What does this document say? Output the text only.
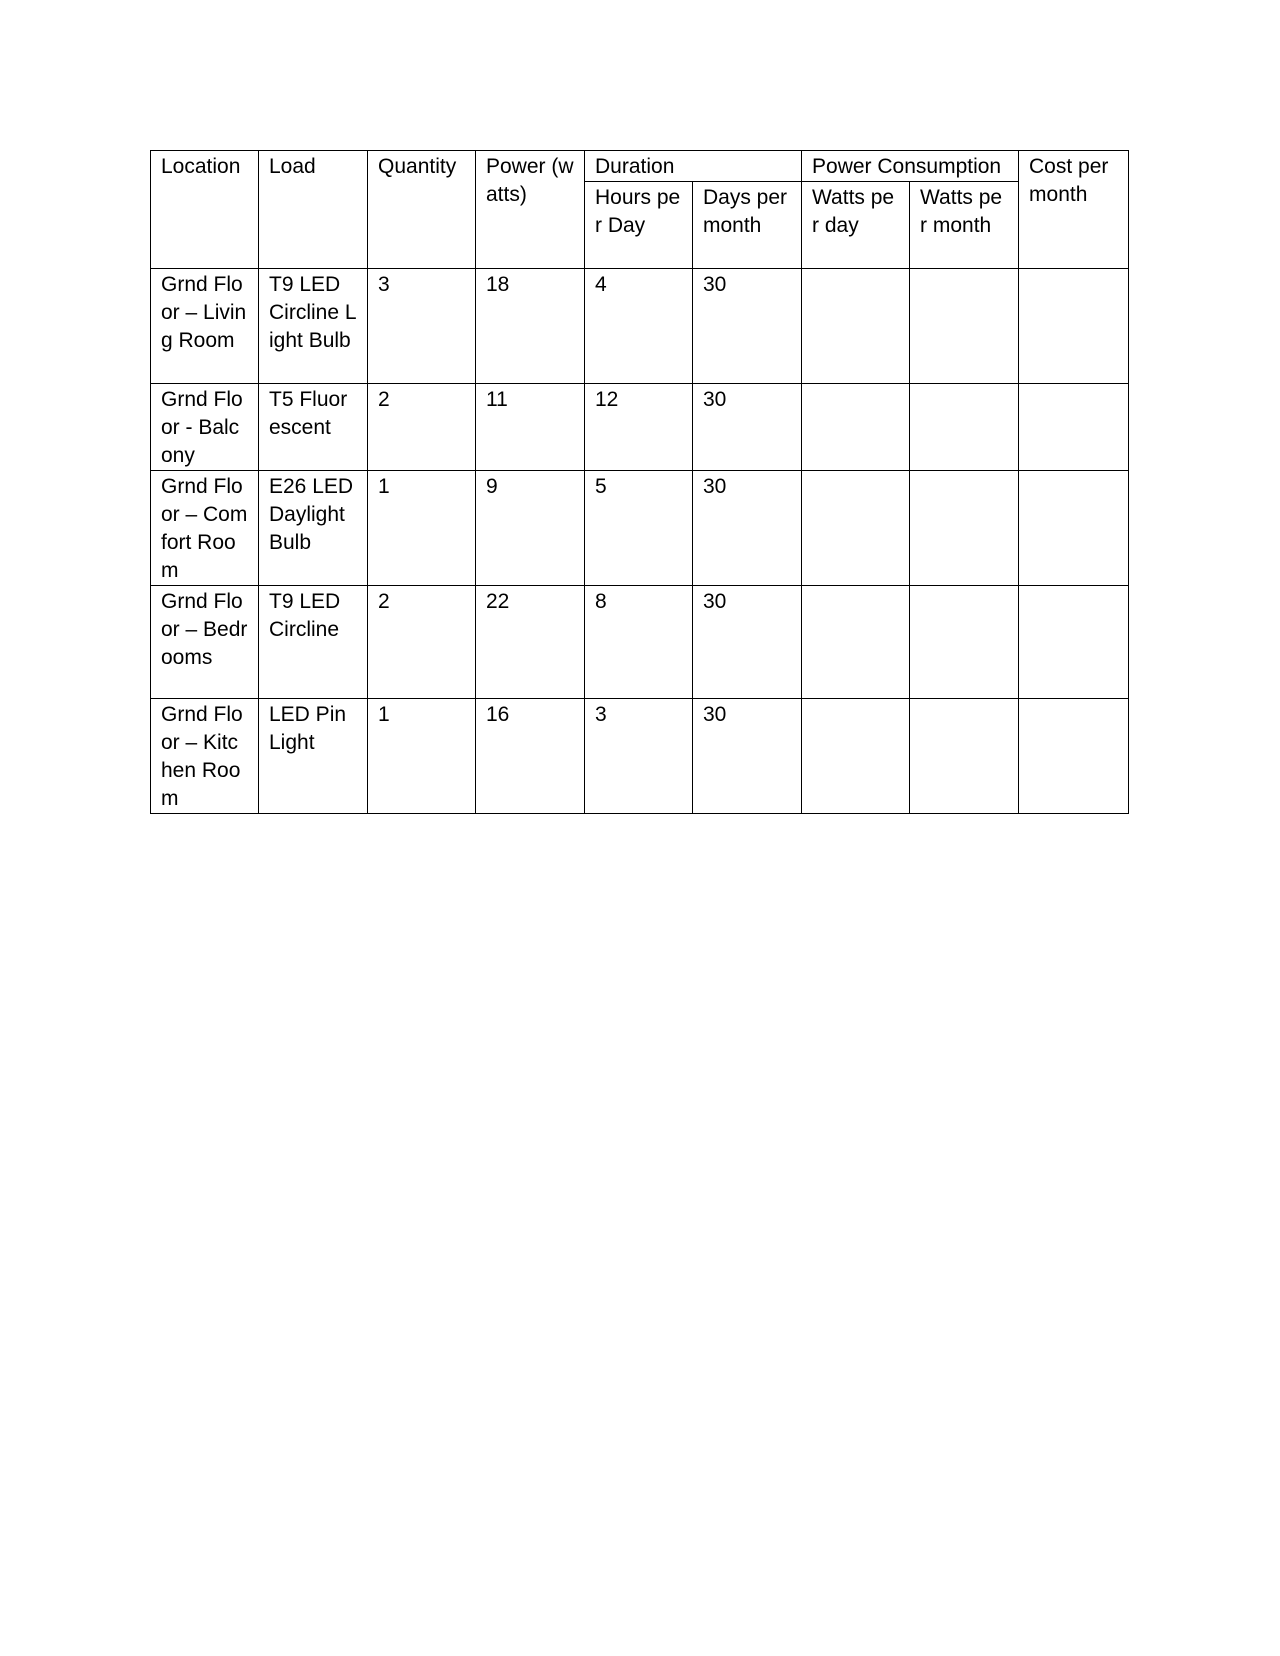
Location	Load	Quantity	Power (watts)	Duration		Power Consumption		Cost per month
				Hours per Day	Days per month	Watts per day	Watts per month	
Grnd Floor – Living Room	T9 LED Circline Light Bulb	3	18	4	30			
Grnd Floor - Balcony	T5 Fluorescent	2	11	12	30			
Grnd Floor – Comfort Room	E26 LED Daylight Bulb	1	9	5	30			
Grnd Floor – Bedrooms	T9 LED Circline	2	22	8	30			
Grnd Floor – Kitchen Room	LED Pin Light	1	16	3	30			
